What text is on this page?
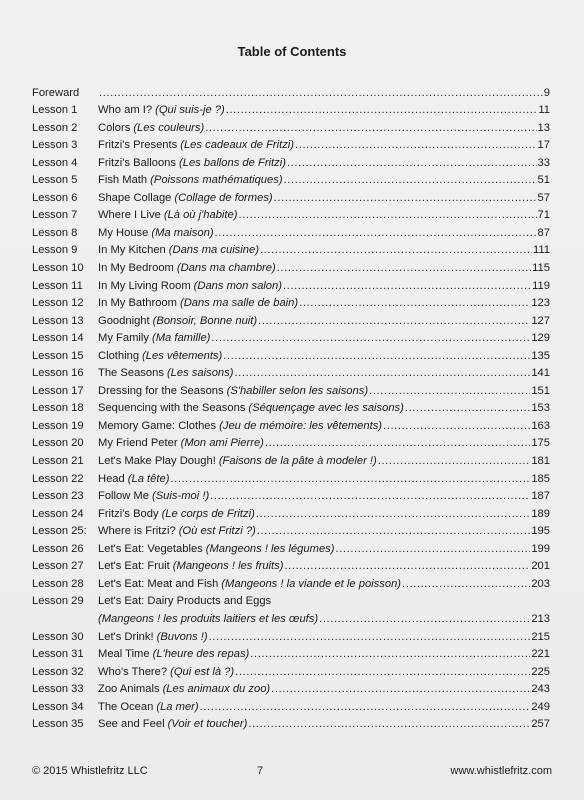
Table of Contents
Foreward .....	9
Lesson 1	Who am I? (Qui suis-je ?) .....	11
Lesson 2	Colors (Les couleurs) .....	13
Lesson 3	Fritzi's Presents (Les cadeaux de Fritzi) .....	17
Lesson 4	Fritzi's Balloons (Les ballons de Fritzi) .....	33
Lesson 5	Fish Math (Poissons mathématiques) .....	51
Lesson 6	Shape Collage (Collage de formes) .....	57
Lesson 7	Where I Live (Là où j'habite) .....	71
Lesson 8	My House (Ma maison) .....	87
Lesson 9	In My Kitchen (Dans ma cuisine) .....	111
Lesson 10	In My Bedroom (Dans ma chambre) .....	115
Lesson 11	In My Living Room (Dans mon salon) .....	119
Lesson 12	In My Bathroom (Dans ma salle de bain) .....	123
Lesson 13	Goodnight (Bonsoir, Bonne nuit) .....	127
Lesson 14	My Family (Ma famille) .....	129
Lesson 15	Clothing (Les vêtements) .....	135
Lesson 16	The Seasons (Les saisons) .....	141
Lesson 17	Dressing for the Seasons (S'habiller selon les saisons) .....	151
Lesson 18	Sequencing with the Seasons (Séquençage avec les saisons) .....	153
Lesson 19	Memory Game: Clothes (Jeu de mémoire: les vêtements) .....	163
Lesson 20	My Friend Peter (Mon ami Pierre) .....	175
Lesson 21	Let's Make Play Dough! (Faisons de la pâte à modeler !) .....	181
Lesson 22	Head (La tête) .....	185
Lesson 23	Follow Me (Suis-moi !) .....	187
Lesson 24	Fritzi's Body (Le corps de Fritzi) .....	189
Lesson 25:	Where is Fritzi? (Où est Fritzi ?) .....	195
Lesson 26	Let's Eat: Vegetables (Mangeons ! les légumes) .....	199
Lesson 27	Let's Eat: Fruit (Mangeons ! les fruits) .....	201
Lesson 28	Let's Eat: Meat and Fish (Mangeons ! la viande et le poisson) .....	203
Lesson 29	Let's Eat: Dairy Products and Eggs
(Mangeons ! les produits laitiers et les œufs) .....	213
Lesson 30	Let's Drink! (Buvons !) .....	215
Lesson 31	Meal Time (L'heure des repas) .....	221
Lesson 32	Who's There? (Qui est là ?) .....	225
Lesson 33	Zoo Animals (Les animaux du zoo) .....	243
Lesson 34	The Ocean (La mer) .....	249
Lesson 35	See and Feel (Voir et toucher) .....	257
© 2015 Whistlefritz LLC	7	www.whistlefritz.com
